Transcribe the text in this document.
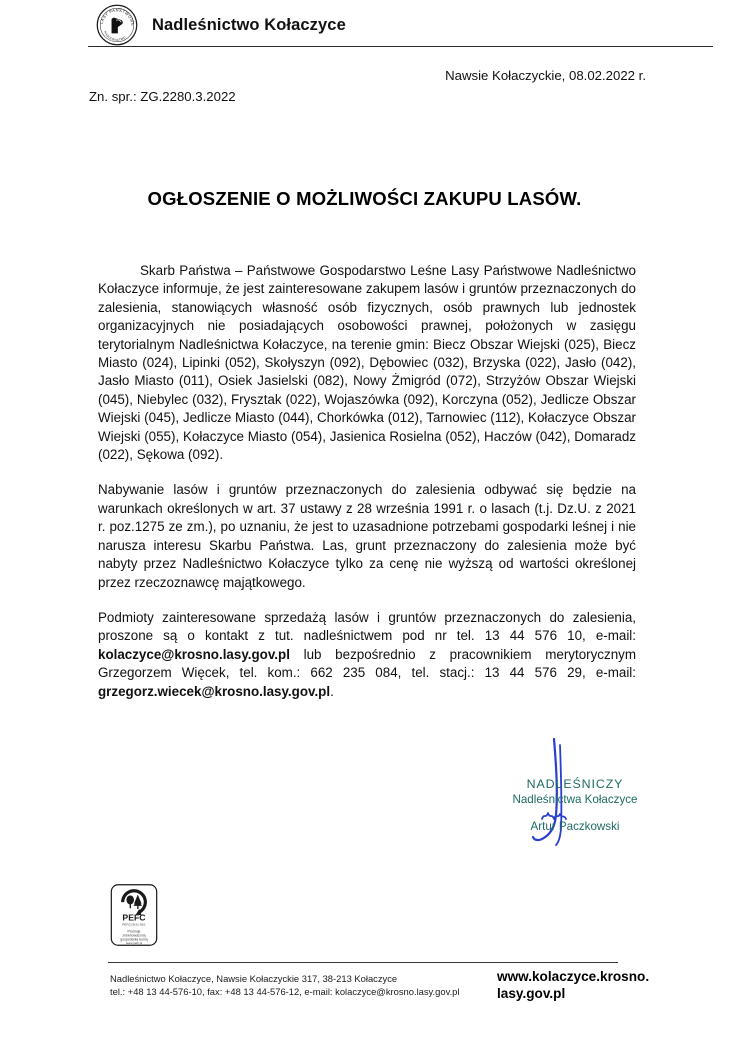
LASY PAŃSTWOWE
NADLESNICTWO
Nadleśnictwo Kołaczyce
Nawsie Kołaczyckie, 08.02.2022 r.
Zn. spr.: ZG.2280.3.2022
OGŁOSZENIE O MOŻLIWOŚCI ZAKUPU LASÓW.

Skarb Państwa – Państwowe Gospodarstwo Leśne Lasy Państwowe Nadleśnictwo Kołaczyce informuje, że jest zainteresowane zakupem lasów i gruntów przeznaczonych do zalesienia, stanowiących własność osób fizycznych, osób prawnych lub jednostek organizacyjnych nie posiadających osobowości prawnej, położonych w zasięgu terytorialnym Nadleśnictwa Kołaczyce, na terenie gmin: Biecz Obszar Wiejski (025), Biecz Miasto (024), Lipinki (052), Skołyszyn (092), Dębowiec (032), Brzyska (022), Jasło (042), Jasło Miasto (011), Osiek Jasielski (082), Nowy Żmigród (072), Strzyżów Obszar Wiejski (045), Niebylec (032), Frysztak (022), Wojaszówka (092), Korczyna (052), Jedlicze Obszar Wiejski (045), Jedlicze Miasto (044), Chorkówka (012), Tarnowiec (112), Kołaczyce Obszar Wiejski (055), Kołaczyce Miasto (054), Jasienica Rosielna (052), Haczów (042), Domaradz (022), Sękowa (092).

Nabywanie lasów i gruntów przeznaczonych do zalesienia odbywać się będzie na warunkach określonych w art. 37 ustawy z 28 września 1991 r. o lasach (t.j. Dz.U. z 2021 r. poz.1275 ze zm.), po uznaniu, że jest to uzasadnione potrzebami gospodarki leśnej i nie narusza interesu Skarbu Państwa. Las, grunt przeznaczony do zalesienia może być nabyty przez Nadleśnictwo Kołaczyce tylko za cenę nie wyższą od wartości określonej przez rzeczoznawcę majątkowego.

Podmioty zainteresowane sprzedażą lasów i gruntów przeznaczonych do zalesienia, proszone są o kontakt z tut. nadleśnictwem pod nr tel. 13 44 576 10, e-mail: kolaczyce@krosno.lasy.gov.pl lub bezpośrednio z pracownikiem merytorycznym Grzegorzem Więcek, tel. kom.: 662 235 084, tel. stacj.: 13 44 576 29, e-mail: grzegorz.wiecek@krosno.lasy.gov.pl.

NADLEŚNICZY
Nadleśnictwa Kołaczyce
Artur Paczkowski
PEFC
PEFC/18-21-02/1
Promuje
zrównoważoną
gospodarkę leśną
www.pefc.pl
Nadleśnictwo Kołaczyce, Nawsie Kołaczyckie 317, 38-213 Kołaczyce
tel.: +48 13 44-576-10, fax: +48 13 44-576-12, e-mail: kolaczyce@krosno.lasy.gov.pl
www.kolaczyce.krosno.
lasy.gov.pl
